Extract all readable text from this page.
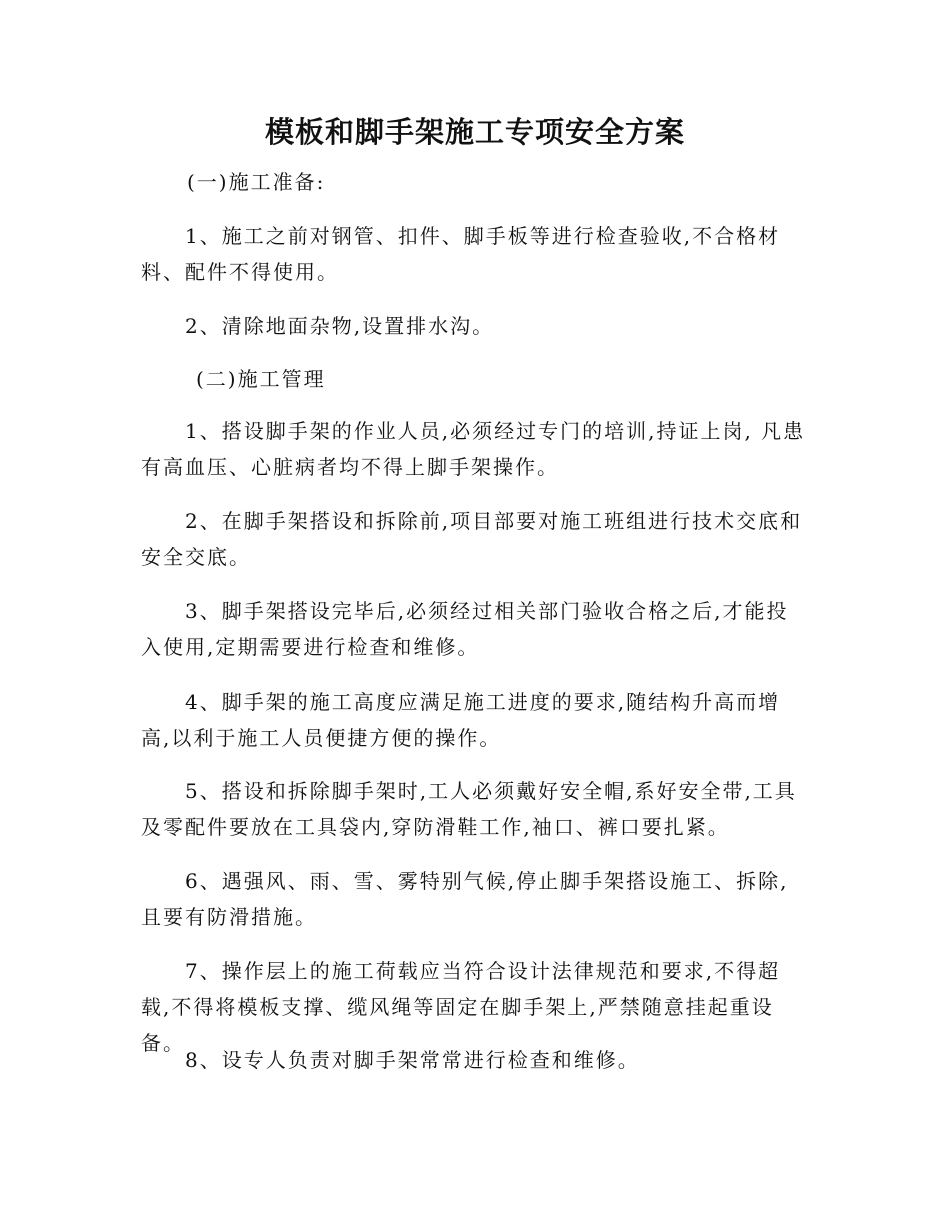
模板和脚手架施工专项安全方案
(一)施工准备:

1、施工之前对钢管、扣件、脚手板等进行检查验收,不合格材料、配件不得使用。

2、清除地面杂物,设置排水沟。

(二)施工管理

1、搭设脚手架的作业人员,必须经过专门的培训,持证上岗, 凡患有高血压、心脏病者均不得上脚手架操作。

2、在脚手架搭设和拆除前,项目部要对施工班组进行技术交底和安全交底。

3、脚手架搭设完毕后,必须经过相关部门验收合格之后,才能投入使用,定期需要进行检查和维修。

4、脚手架的施工高度应满足施工进度的要求,随结构升高而增高,以利于施工人员便捷方便的操作。

5、搭设和拆除脚手架时,工人必须戴好安全帽,系好安全带,工具及零配件要放在工具袋内,穿防滑鞋工作,袖口、裤口要扎紧。

6、遇强风、雨、雪、雾特别气候,停止脚手架搭设施工、拆除,且要有防滑措施。

7、操作层上的施工荷载应当符合设计法律规范和要求,不得超载,不得将模板支撑、缆风绳等固定在脚手架上,严禁随意挂起重设备。

8、设专人负责对脚手架常常进行检查和维修。
